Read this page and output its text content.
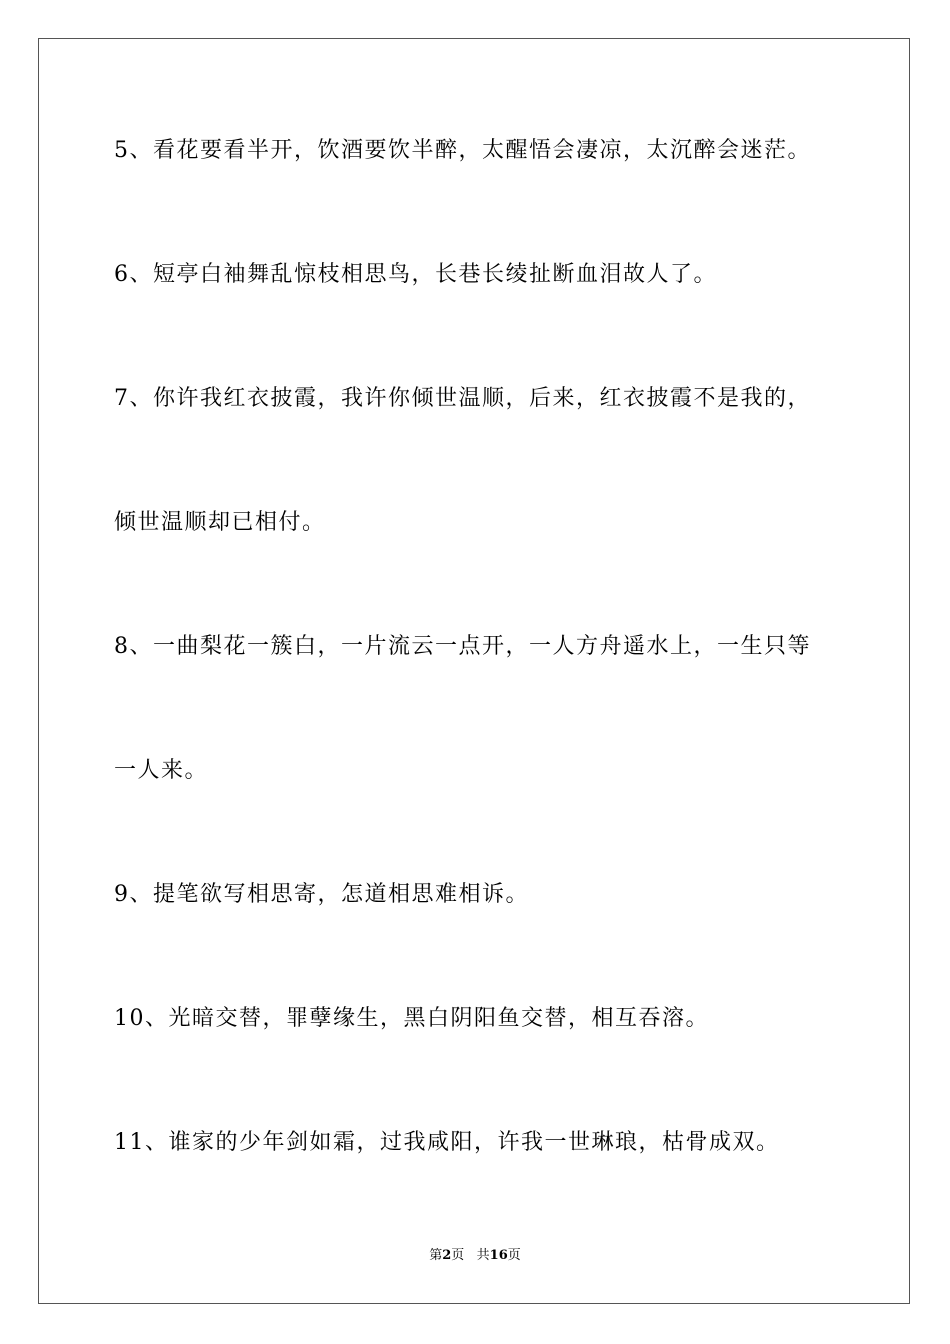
5、看花要看半开，饮酒要饮半醉，太醒悟会凄凉，太沉醉会迷茫。
6、短亭白袖舞乱惊枝相思鸟，长巷长绫扯断血泪故人了。
7、你许我红衣披霞，我许你倾世温顺，后来，红衣披霞不是我的，
倾世温顺却已相付。
8、一曲梨花一簇白，一片流云一点开，一人方舟遥水上，一生只等
一人来。
9、提笔欲写相思寄，怎道相思难相诉。
10、光暗交替，罪孽缘生，黑白阴阳鱼交替，相互吞溶。
11、谁家的少年剑如霜，过我咸阳，许我一世琳琅，枯骨成双。
第2页   共16页
